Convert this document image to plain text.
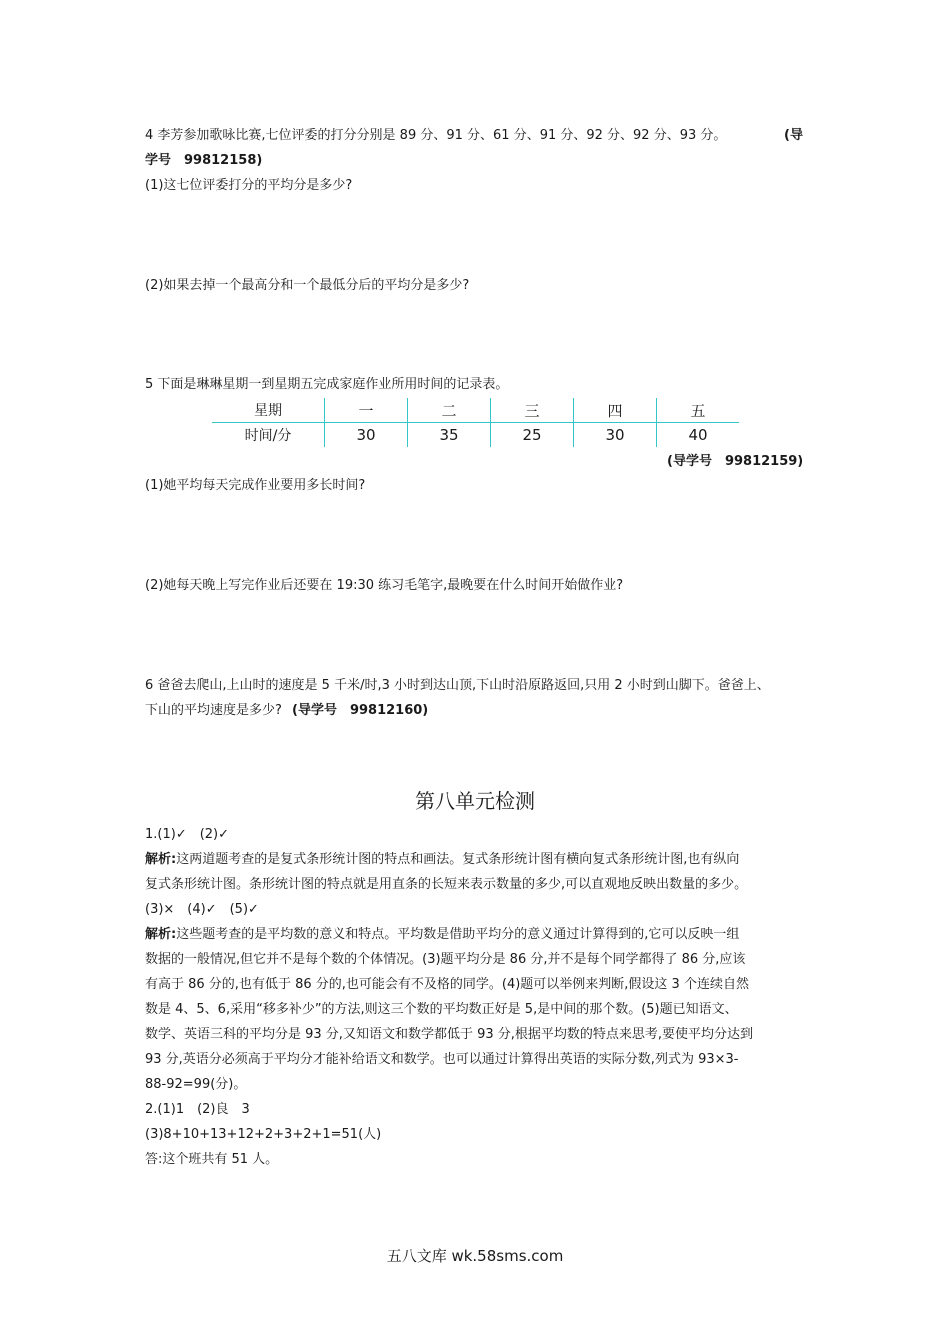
4 李芳参加歌咏比赛,七位评委的打分分别是 89 分、91 分、61 分、91 分、92 分、92 分、93 分。	(导
学号　99812158)
(1)这七位评委打分的平均分是多少?
(2)如果去掉一个最高分和一个最低分后的平均分是多少?
5 下面是琳琳星期一到星期五完成家庭作业所用时间的记录表。
星期	一	二	三	四	五
时间/分	30	35	25	30	40
(导学号　99812159)
(1)她平均每天完成作业要用多长时间?
(2)她每天晚上写完作业后还要在 19:30 练习毛笔字,最晚要在什么时间开始做作业?
6 爸爸去爬山,上山时的速度是 5 千米/时,3 小时到达山顶,下山时沿原路返回,只用 2 小时到山脚下。爸爸上、
下山的平均速度是多少? (导学号　99812160)
第八单元检测
1.(1)✓　(2)✓
解析:这两道题考查的是复式条形统计图的特点和画法。复式条形统计图有横向复式条形统计图,也有纵向
复式条形统计图。条形统计图的特点就是用直条的长短来表示数量的多少,可以直观地反映出数量的多少。
(3)×　(4)✓　(5)✓
解析:这些题考查的是平均数的意义和特点。平均数是借助平均分的意义通过计算得到的,它可以反映一组
数据的一般情况,但它并不是每个数的个体情况。(3)题平均分是 86 分,并不是每个同学都得了 86 分,应该
有高于 86 分的,也有低于 86 分的,也可能会有不及格的同学。(4)题可以举例来判断,假设这 3 个连续自然
数是 4、5、6,采用“移多补少”的方法,则这三个数的平均数正好是 5,是中间的那个数。(5)题已知语文、
数学、英语三科的平均分是 93 分,又知语文和数学都低于 93 分,根据平均数的特点来思考,要使平均分达到
93 分,英语分必须高于平均分才能补给语文和数学。也可以通过计算得出英语的实际分数,列式为 93×3-
88-92=99(分)。
2.(1)1　(2)良　3
(3)8+10+13+12+2+3+2+1=51(人)
答:这个班共有 51 人。
五八文库 wk.58sms.com
